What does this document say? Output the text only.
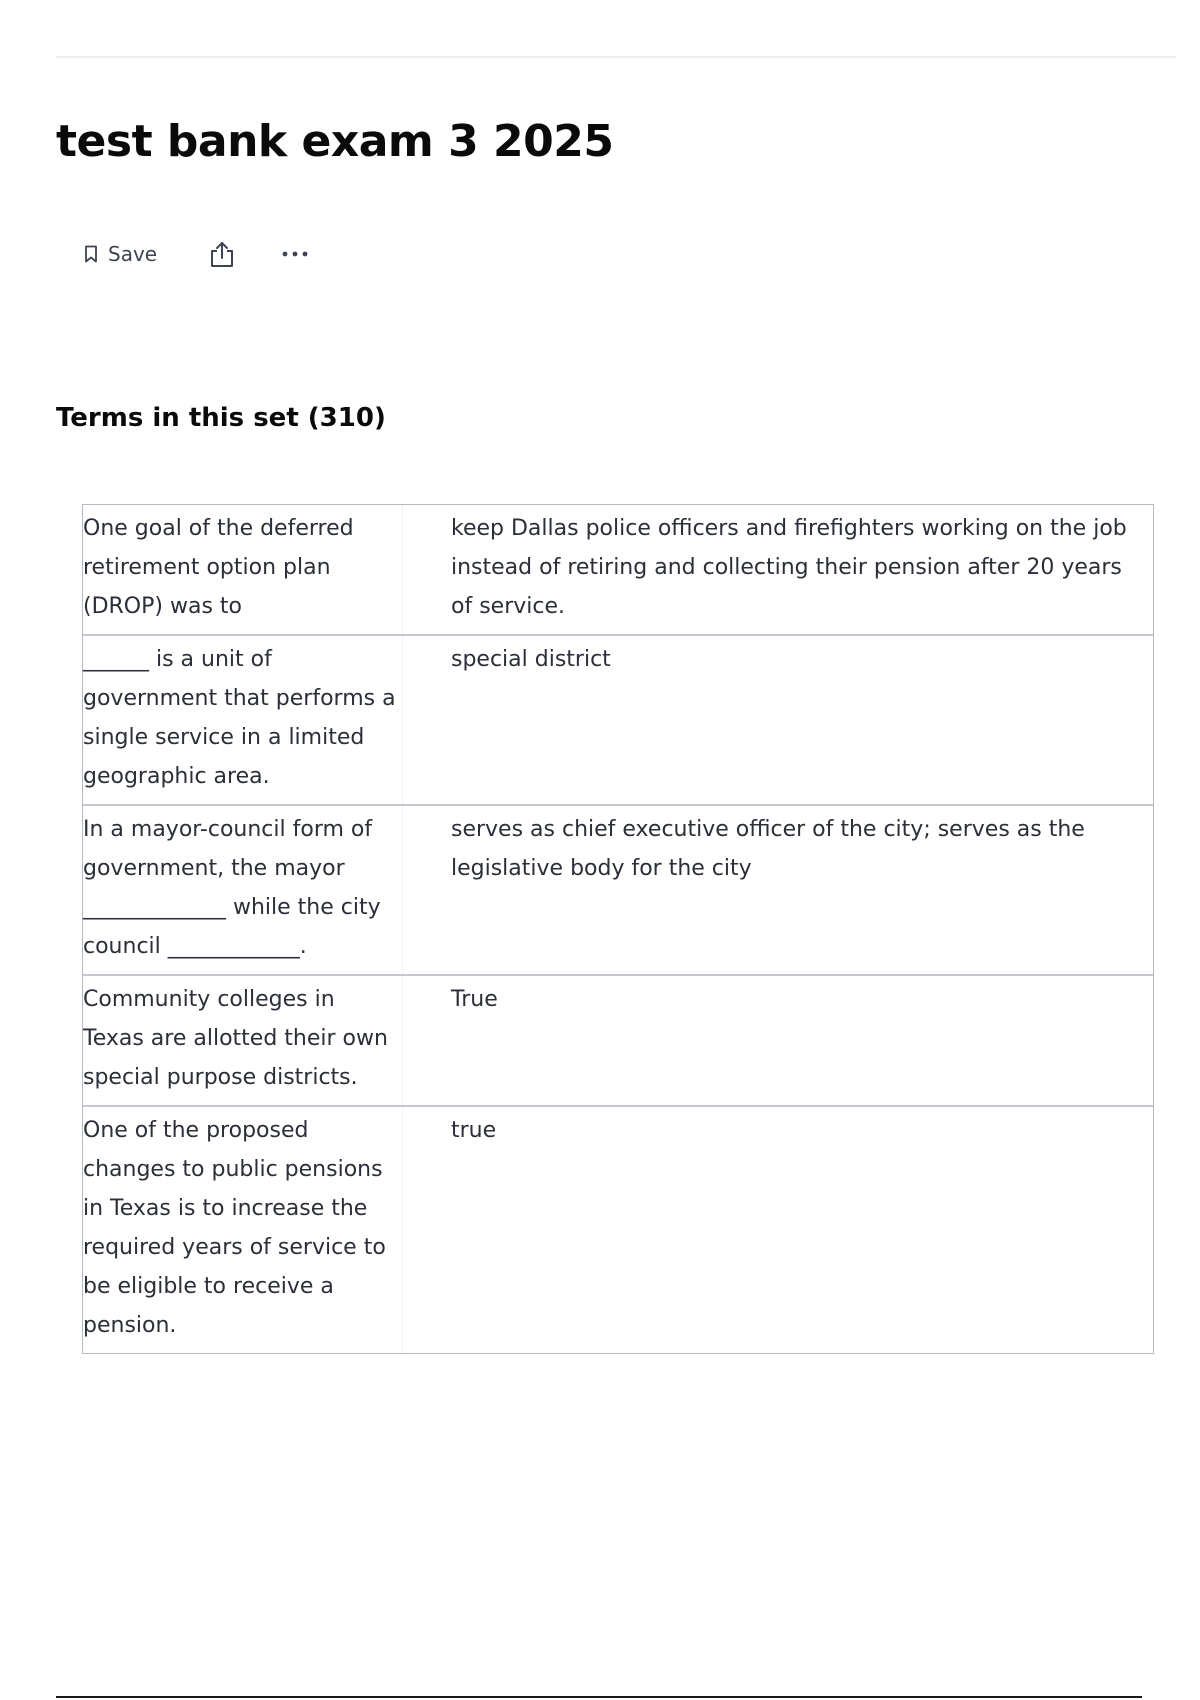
test bank exam 3 2025
Save
Terms in this set (310)
One goal of the deferred retirement option plan (DROP) was to
keep Dallas police officers and firefighters working on the job instead of retiring and collecting their pension after 20 years of service.
______ is a unit of government that performs a single service in a limited geographic area.
special district
In a mayor-council form of government, the mayor _____________ while the city council ____________.
serves as chief executive officer of the city; serves as the legislative body for the city
Community colleges in Texas are allotted their own special purpose districts.
True
One of the proposed changes to public pensions in Texas is to increase the required years of service to be eligible to receive a pension.
true
